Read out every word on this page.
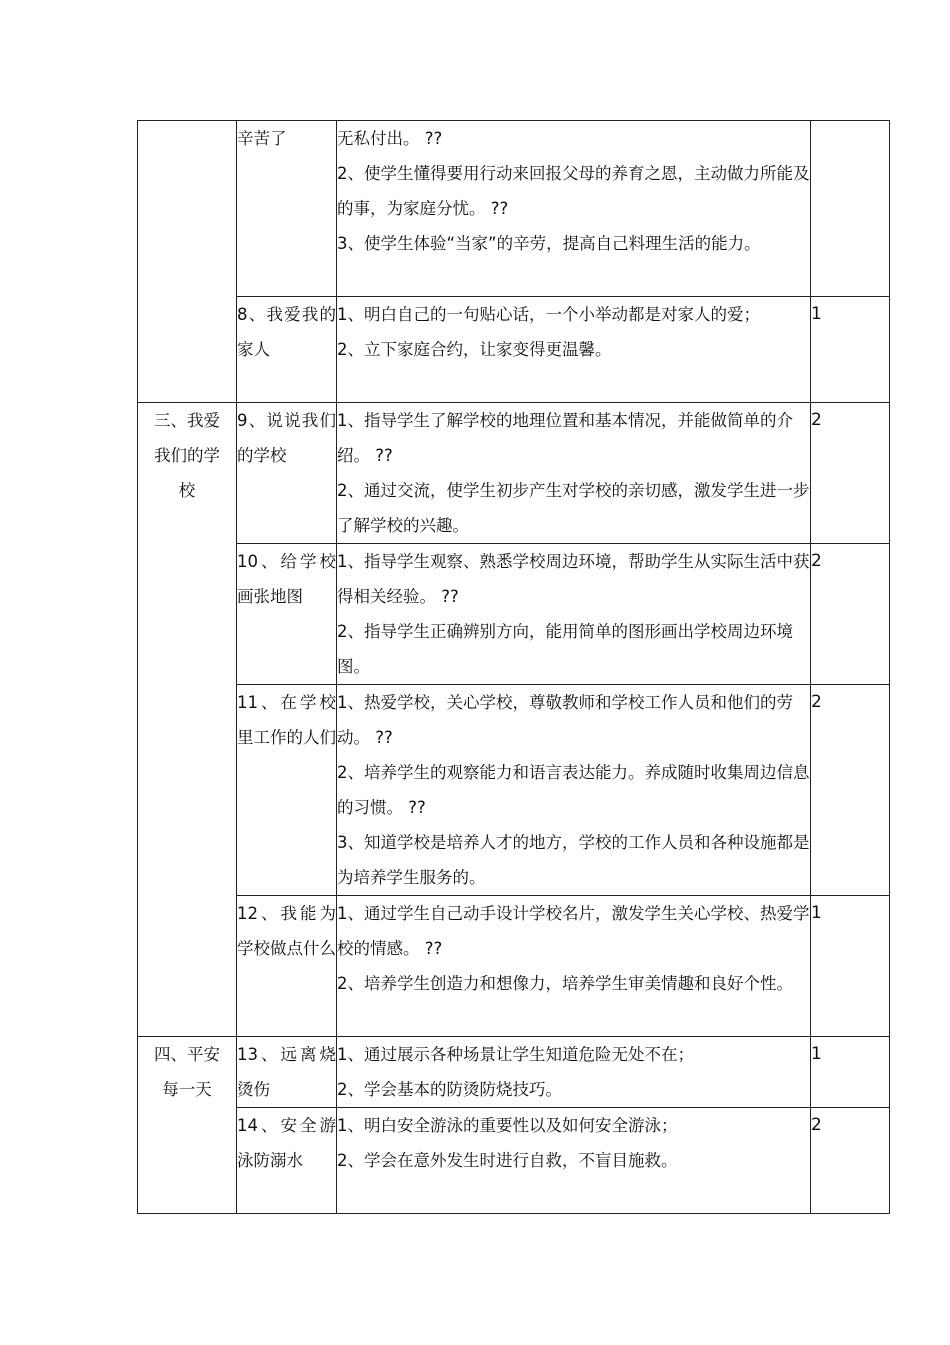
	辛苦了	无私付出。 ??
2、使学生懂得要用行动来回报父母的养育之恩，主动做力所能及的事，为家庭分忧。 ??
3、使学生体验“当家”的辛劳，提高自己料理生活的能力。	

	8、我爱我的家人	1、明白自己的一句贴心话，一个小举动都是对家人的爱；
2、立下家庭合约，让家变得更温馨。	1
三、我爱我们的学校	9、说说我们的学校	1、指导学生了解学校的地理位置和基本情况，并能做简单的介绍。 ??
2、通过交流，使学生初步产生对学校的亲切感，激发学生进一步了解学校的兴趣。	2

	10、给学校画张地图	1、指导学生观察、熟悉学校周边环境，帮助学生从实际生活中获得相关经验。 ??
2、指导学生正确辨别方向，能用简单的图形画出学校周边环境图。	2

	11、在学校里工作的人们	1、热爱学校，关心学校，尊敬教师和学校工作人员和他们的劳动。 ??
2、培养学生的观察能力和语言表达能力。养成随时收集周边信息的习惯。 ??
3、知道学校是培养人才的地方，学校的工作人员和各种设施都是为培养学生服务的。	2

	12、我能为学校做点什么	1、通过学生自己动手设计学校名片，激发学生关心学校、热爱学校的情感。 ??
2、培养学生创造力和想像力，培养学生审美情趣和良好个性。	1
四、平安每一天	13、远离烧烫伤	1、通过展示各种场景让学生知道危险无处不在；
2、学会基本的防烫防烧技巧。	1

	14、安全游泳防溺水	1、明白安全游泳的重要性以及如何安全游泳；
2、学会在意外发生时进行自救，不盲目施救。	2
